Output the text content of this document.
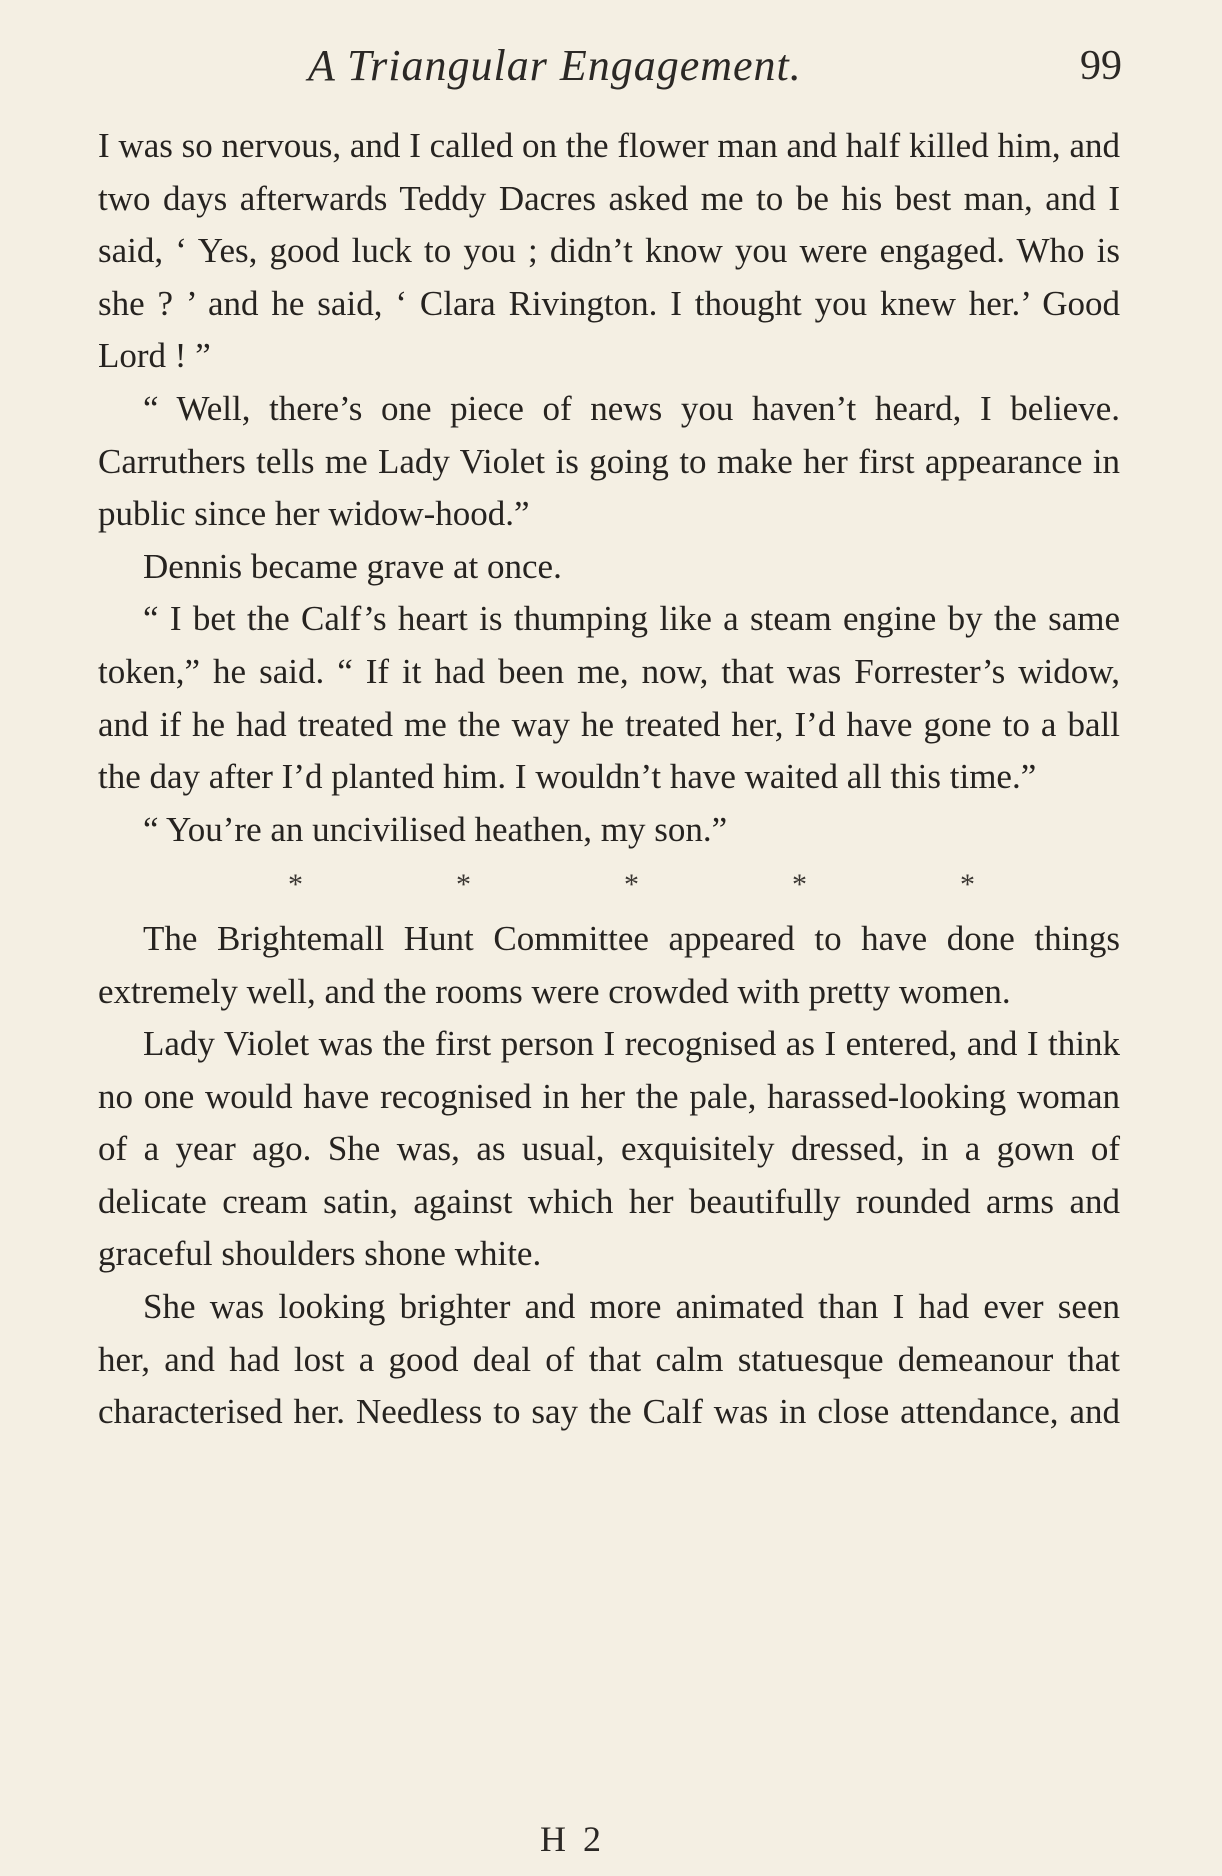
A Triangular Engagement.	99

I was so nervous, and I called on the flower man and half killed him, and two days afterwards Teddy Dacres asked me to be his best man, and I said, ‘ Yes, good luck to you ; didn’t know you were engaged. Who is she ? ’ and he said, ‘ Clara Rivington. I thought you knew her.’ Good Lord ! ”

“ Well, there’s one piece of news you haven’t heard, I believe. Carruthers tells me Lady Violet is going to make her first appearance in public since her widow-hood.”

Dennis became grave at once.

“ I bet the Calf’s heart is thumping like a steam engine by the same token,” he said. “ If it had been me, now, that was Forrester’s widow, and if he had treated me the way he treated her, I’d have gone to a ball the day after I’d planted him. I wouldn’t have waited all this time.”

“ You’re an uncivilised heathen, my son.”

*	*	*	*	*

The Brightemall Hunt Committee appeared to have done things extremely well, and the rooms were crowded with pretty women.

Lady Violet was the first person I recognised as I entered, and I think no one would have recognised in her the pale, harassed-looking woman of a year ago. She was, as usual, exquisitely dressed, in a gown of delicate cream satin, against which her beautifully rounded arms and graceful shoulders shone white.

She was looking brighter and more animated than I had ever seen her, and had lost a good deal of that calm statuesque demeanour that characterised her. Needless to say the Calf was in close attendance, and

H 2
